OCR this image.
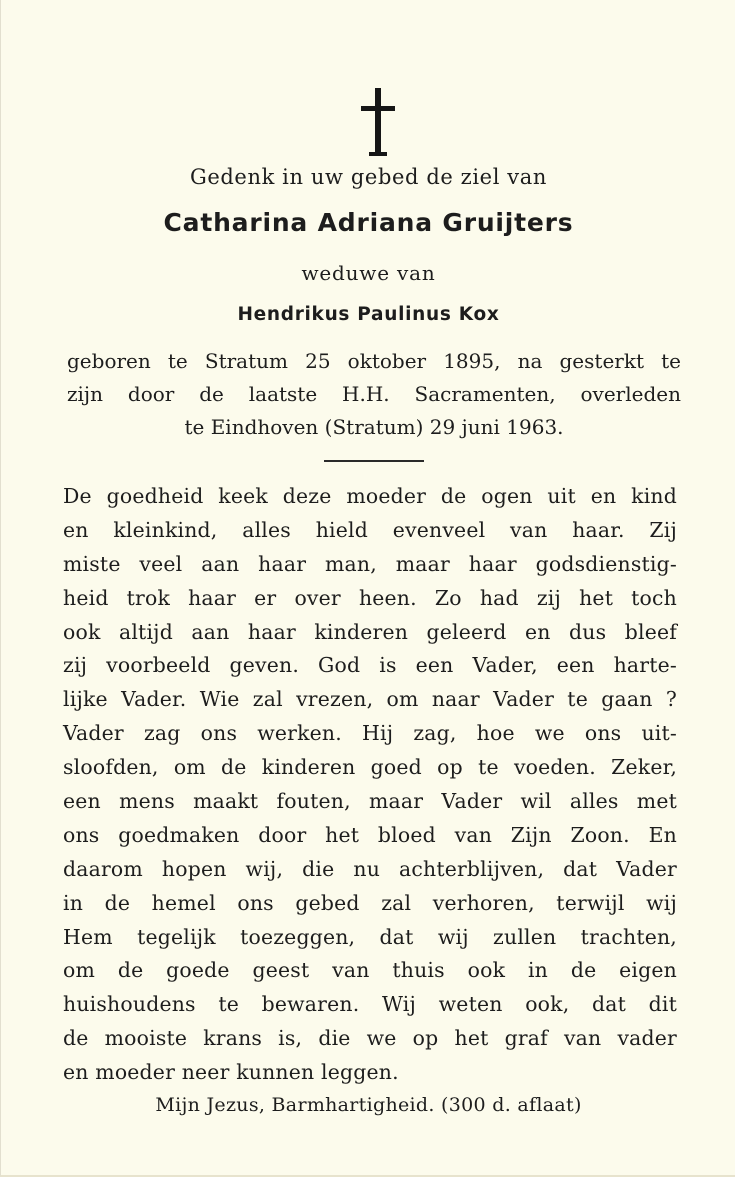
Gedenk in uw gebed de ziel van
Catharina Adriana Gruijters
weduwe van
Hendrikus Paulinus Kox
geboren te Stratum 25 oktober 1895, na gesterkt te
zijn door de laatste H.H. Sacramenten, overleden
te Eindhoven (Stratum) 29 juni 1963.
De goedheid keek deze moeder de ogen uit en kind
en kleinkind, alles hield evenveel van haar. Zij
miste veel aan haar man, maar haar godsdienstig-
heid trok haar er over heen. Zo had zij het toch
ook altijd aan haar kinderen geleerd en dus bleef
zij voorbeeld geven. God is een Vader, een harte-
lijke Vader. Wie zal vrezen, om naar Vader te gaan ?
Vader zag ons werken. Hij zag, hoe we ons uit-
sloofden, om de kinderen goed op te voeden. Zeker,
een mens maakt fouten, maar Vader wil alles met
ons goedmaken door het bloed van Zijn Zoon. En
daarom hopen wij, die nu achterblijven, dat Vader
in de hemel ons gebed zal verhoren, terwijl wij
Hem tegelijk toezeggen, dat wij zullen trachten,
om de goede geest van thuis ook in de eigen
huishoudens te bewaren. Wij weten ook, dat dit
de mooiste krans is, die we op het graf van vader
en moeder neer kunnen leggen.
Mijn Jezus, Barmhartigheid. (300 d. aflaat)
